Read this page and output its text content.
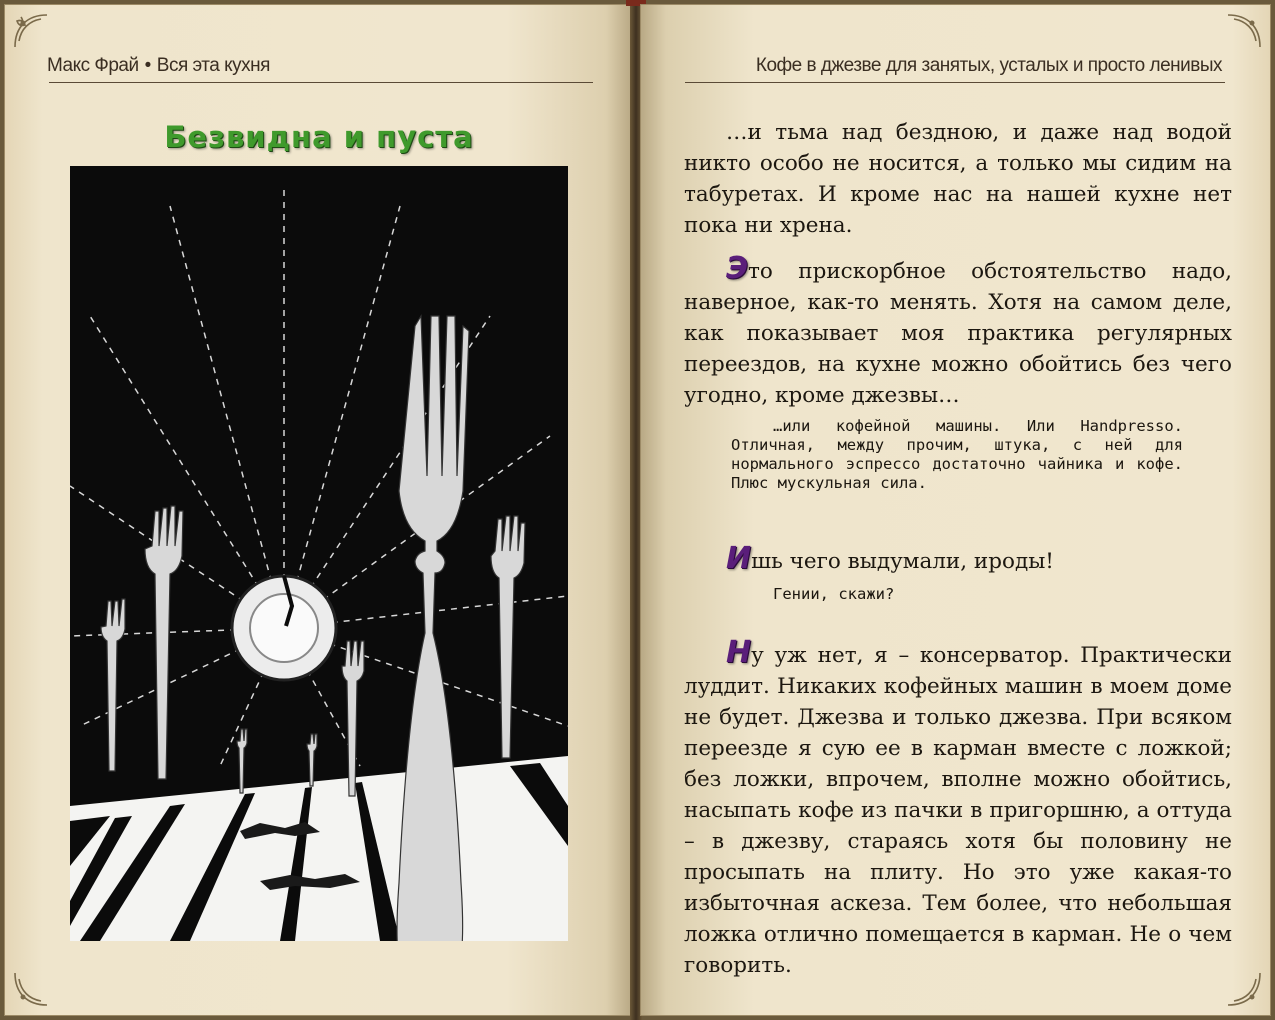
Макс Фрай • Вся эта кухня
Безвидна и пуста
Кофе в джезве для занятых, усталых и просто ленивых

…и тьма над бездною, и даже над водой никто особо не носится, а только мы сидим на табуретах. И кроме нас на нашей кухне нет пока ни хрена.

Это прискорбное обстоятельство надо, наверное, как-то менять. Хотя на самом деле, как показывает моя практика регулярных переездов, на кухне можно обойтись без чего угодно, кроме джезвы…

…или кофейной машины. Или Handpresso. Отличная, между прочим, штука, с ней для нормального эспрессо достаточно чайника и кофе. Плюс мускульная сила.

Ишь чего выдумали, ироды!

Гении, скажи?

Ну уж нет, я – консерватор. Практически луддит. Никаких кофейных машин в моем доме не будет. Джезва и только джезва. При всяком переезде я сую ее в карман вместе с ложкой; без ложки, впрочем, вполне можно обойтись, насыпать кофе из пачки в пригоршню, а оттуда – в джезву, стараясь хотя бы половину не просыпать на плиту. Но это уже какая-то избыточная аскеза. Тем более, что небольшая ложка отлично помещается в карман. Не о чем говорить.
